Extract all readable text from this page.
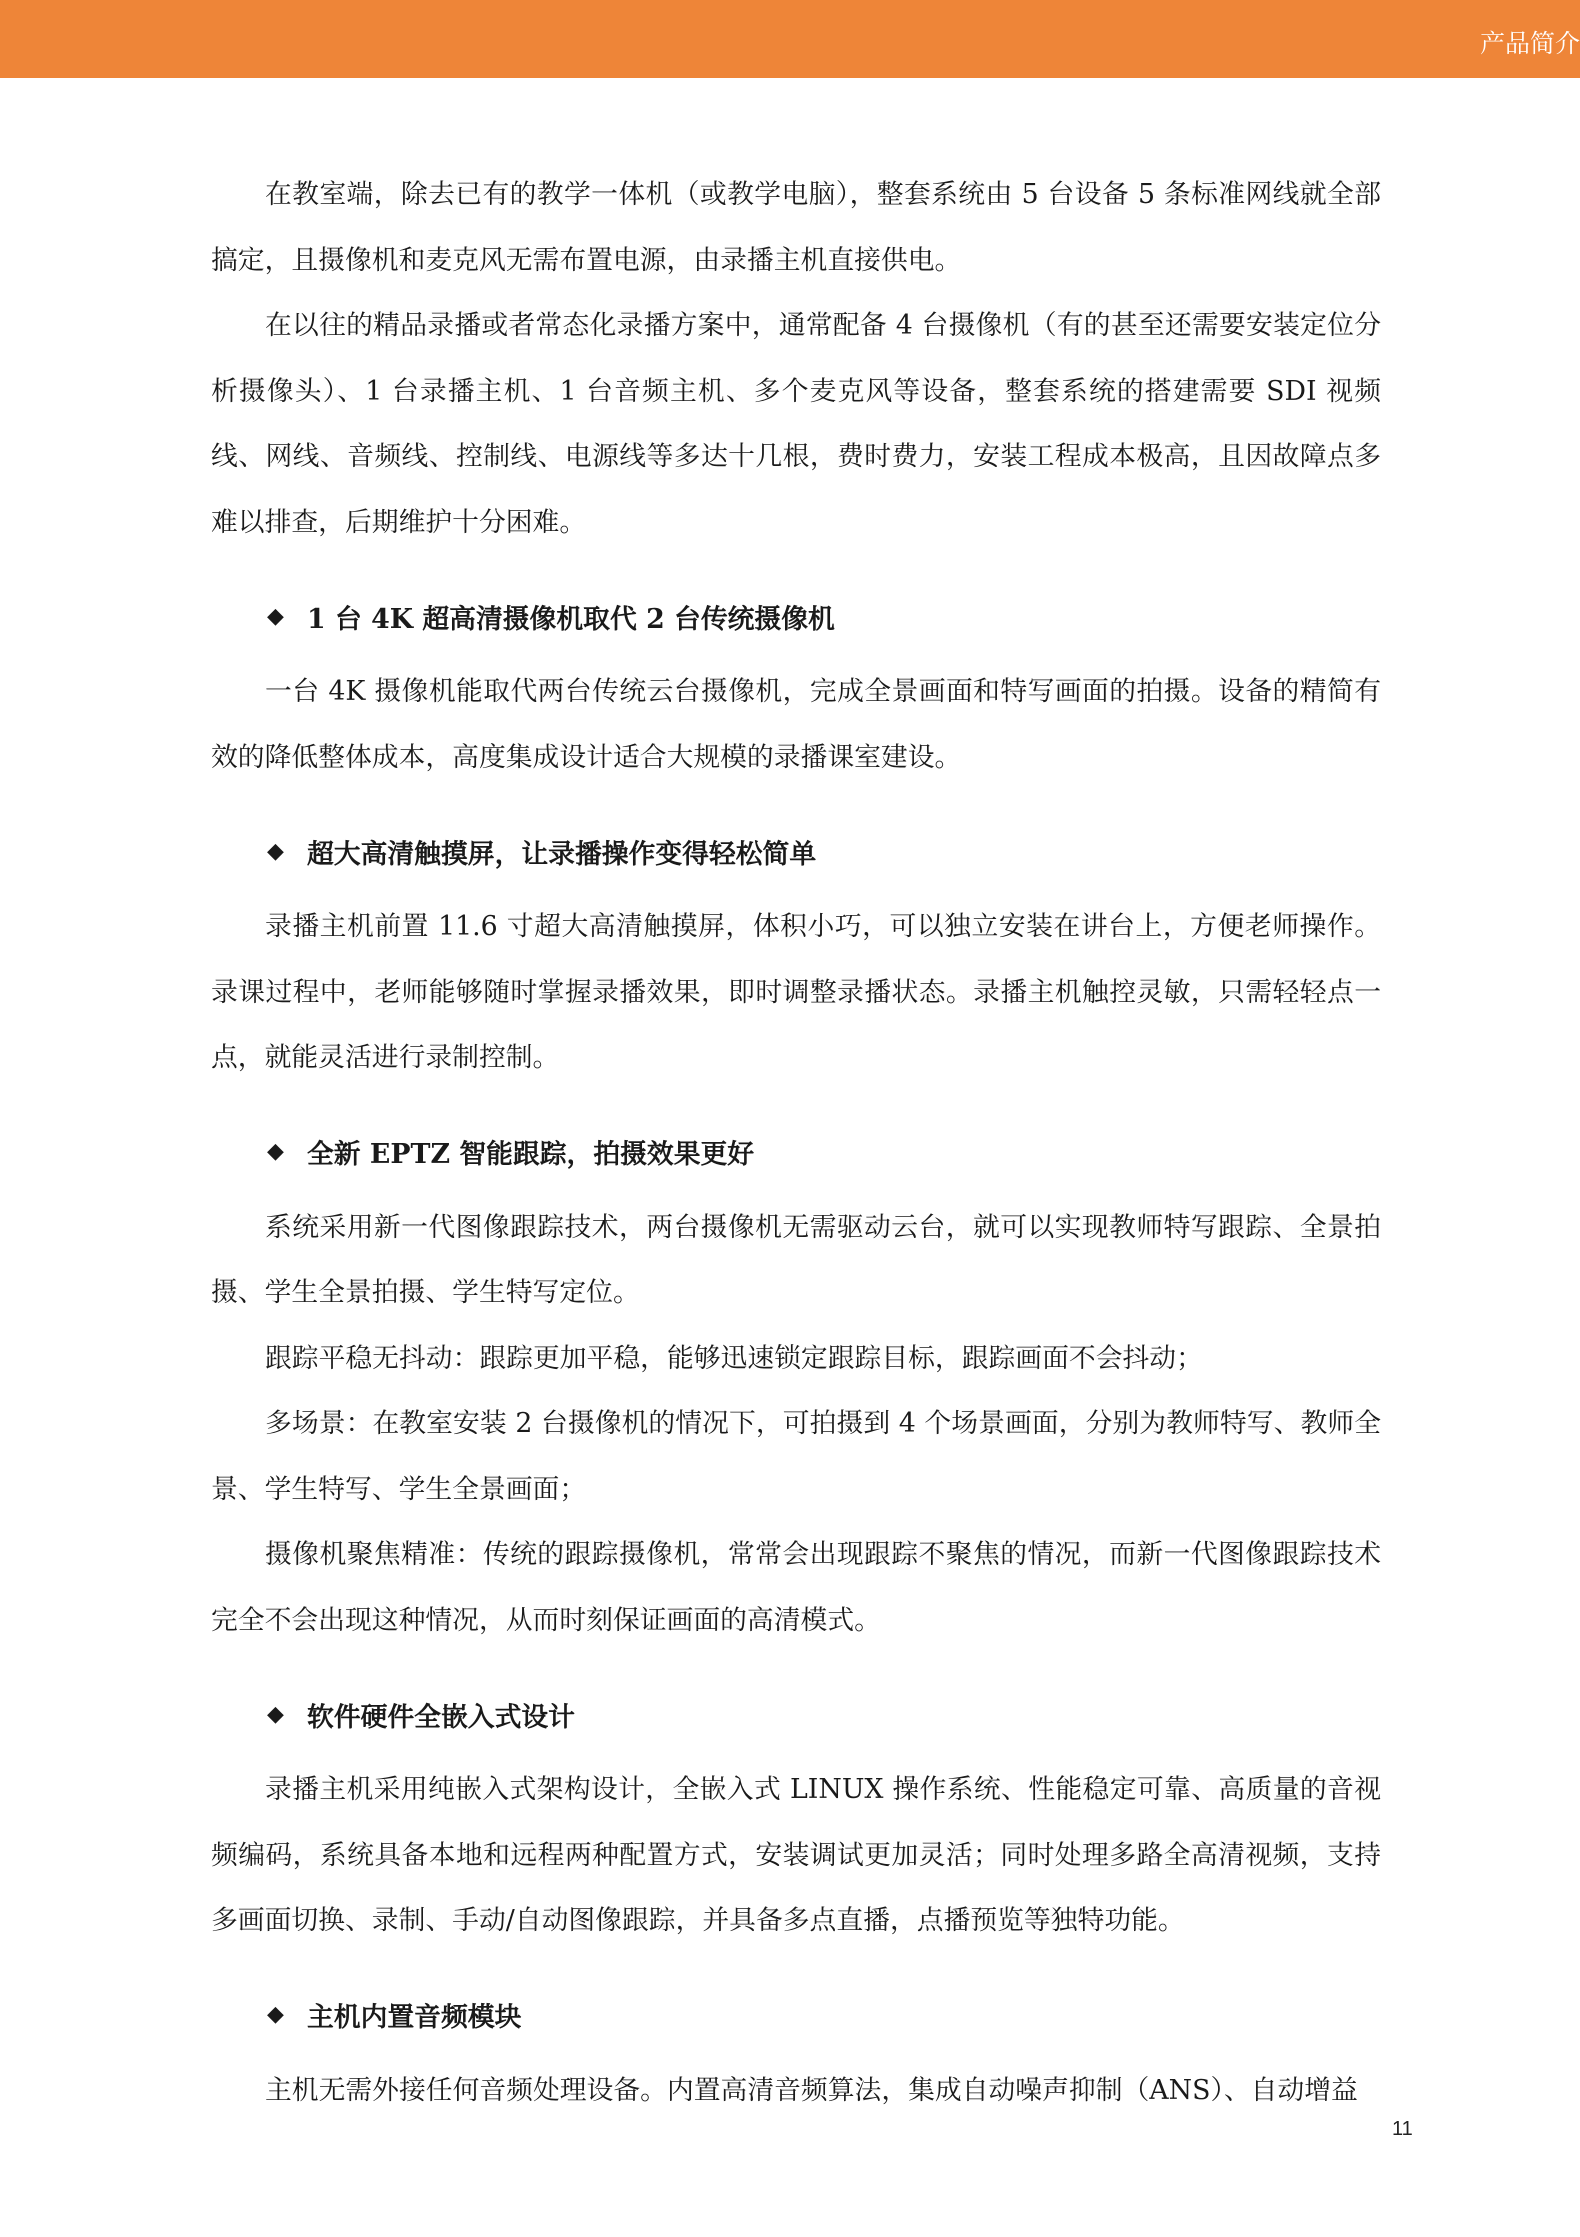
产品简介

在教室端，除去已有的教学一体机（或教学电脑），整套系统由 5 台设备 5 条标准网线就全部搞定，且摄像机和麦克风无需布置电源，由录播主机直接供电。

在以往的精品录播或者常态化录播方案中，通常配备 4 台摄像机（有的甚至还需要安装定位分析摄像头）、1 台录播主机、1 台音频主机、多个麦克风等设备，整套系统的搭建需要 SDI 视频线、网线、音频线、控制线、电源线等多达十几根，费时费力，安装工程成本极高，且因故障点多难以排查，后期维护十分困难。

◆ 1 台 4K 超高清摄像机取代 2 台传统摄像机

一台 4K 摄像机能取代两台传统云台摄像机，完成全景画面和特写画面的拍摄。设备的精简有效的降低整体成本，高度集成设计适合大规模的录播课室建设。

◆ 超大高清触摸屏，让录播操作变得轻松简单

录播主机前置 11.6 寸超大高清触摸屏，体积小巧，可以独立安装在讲台上，方便老师操作。录课过程中，老师能够随时掌握录播效果，即时调整录播状态。录播主机触控灵敏，只需轻轻点一点，就能灵活进行录制控制。

◆ 全新 EPTZ 智能跟踪，拍摄效果更好

系统采用新一代图像跟踪技术，两台摄像机无需驱动云台，就可以实现教师特写跟踪、全景拍摄、学生全景拍摄、学生特写定位。

跟踪平稳无抖动：跟踪更加平稳，能够迅速锁定跟踪目标，跟踪画面不会抖动；

多场景：在教室安装 2 台摄像机的情况下，可拍摄到 4 个场景画面，分别为教师特写、教师全景、学生特写、学生全景画面；

摄像机聚焦精准：传统的跟踪摄像机，常常会出现跟踪不聚焦的情况，而新一代图像跟踪技术完全不会出现这种情况，从而时刻保证画面的高清模式。

◆ 软件硬件全嵌入式设计

录播主机采用纯嵌入式架构设计，全嵌入式 LINUX 操作系统、性能稳定可靠、高质量的音视频编码，系统具备本地和远程两种配置方式，安装调试更加灵活；同时处理多路全高清视频，支持多画面切换、录制、手动/自动图像跟踪，并具备多点直播，点播预览等独特功能。

◆ 主机内置音频模块

主机无需外接任何音频处理设备。内置高清音频算法，集成自动噪声抑制（ANS）、自动增益

11
